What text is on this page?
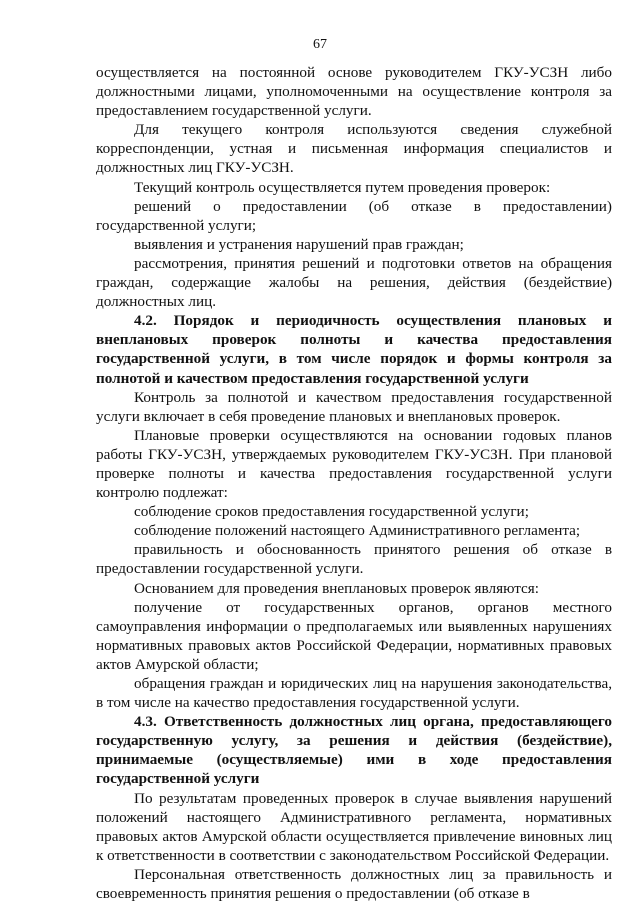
67

осуществляется на постоянной основе руководителем ГКУ-УСЗН либо должностными лицами, уполномоченными на осуществление контроля за предоставлением государственной услуги.

Для текущего контроля используются сведения служебной корреспонденции, устная и письменная информация специалистов и должностных лиц ГКУ-УСЗН.

Текущий контроль осуществляется путем проведения проверок:

решений о предоставлении (об отказе в предоставлении) государственной услуги;

выявления и устранения нарушений прав граждан;

рассмотрения, принятия решений и подготовки ответов на обращения граждан, содержащие жалобы на решения, действия (бездействие) должностных лиц.

4.2. Порядок и периодичность осуществления плановых и внеплановых проверок полноты и качества предоставления государственной услуги, в том числе порядок и формы контроля за полнотой и качеством предоставления государственной услуги

Контроль за полнотой и качеством предоставления государственной услуги включает в себя проведение плановых и внеплановых проверок.

Плановые проверки осуществляются на основании годовых планов работы ГКУ-УСЗН, утверждаемых руководителем ГКУ-УСЗН. При плановой проверке полноты и качества предоставления государственной услуги контролю подлежат:

соблюдение сроков предоставления государственной услуги;

соблюдение положений настоящего Административного регламента;

правильность и обоснованность принятого решения об отказе в предоставлении государственной услуги.

Основанием для проведения внеплановых проверок являются:

получение от государственных органов, органов местного самоуправления информации о предполагаемых или выявленных нарушениях нормативных правовых актов Российской Федерации, нормативных правовых актов Амурской области;

обращения граждан и юридических лиц на нарушения законодательства, в том числе на качество предоставления государственной услуги.

4.3. Ответственность должностных лиц органа, предоставляющего государственную услугу, за решения и действия (бездействие), принимаемые (осуществляемые) ими в ходе предоставления государственной услуги

По результатам проведенных проверок в случае выявления нарушений положений настоящего Административного регламента, нормативных правовых актов Амурской области осуществляется привлечение виновных лиц к ответственности в соответствии с законодательством Российской Федерации.

Персональная ответственность должностных лиц за правильность и своевременность принятия решения о предоставлении (об отказе в
